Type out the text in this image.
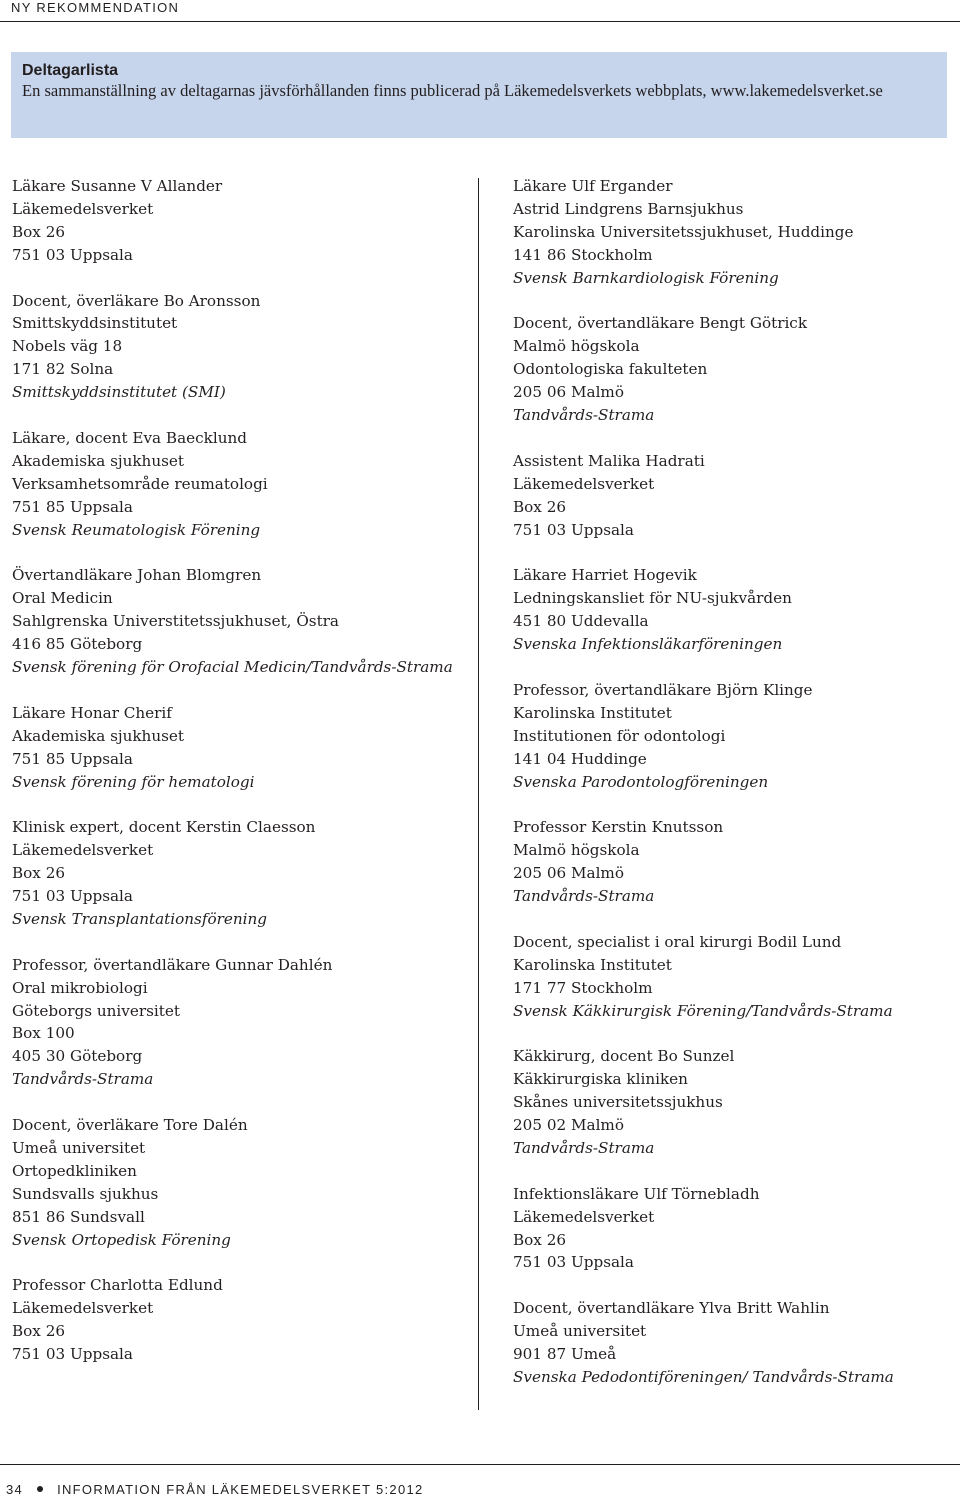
NY REKOMMENDATION
Deltagarlista
En sammanställning av deltagarnas jävsförhållanden finns publicerad på Läkemedelsverkets webbplats, www.lakemedelsverket.se
Läkare Susanne V Allander
Läkemedelsverket
Box 26
751 03 Uppsala
Docent, överläkare Bo Aronsson
Smittskyddsinstitutet
Nobels väg 18
171 82 Solna
Smittskyddsinstitutet (SMI)
Läkare, docent Eva Baecklund
Akademiska sjukhuset
Verksamhetsområde reumatologi
751 85 Uppsala
Svensk Reumatologisk Förening
Övertandläkare Johan Blomgren
Oral Medicin
Sahlgrenska Universtitetssjukhuset, Östra
416 85 Göteborg
Svensk förening för Orofacial Medicin/Tandvårds-Strama
Läkare Honar Cherif
Akademiska sjukhuset
751 85 Uppsala
Svensk förening för hematologi
Klinisk expert, docent Kerstin Claesson
Läkemedelsverket
Box 26
751 03 Uppsala
Svensk Transplantationsförening
Professor, övertandläkare Gunnar Dahlén
Oral mikrobiologi
Göteborgs universitet
Box 100
405 30 Göteborg
Tandvårds-Strama
Docent, överläkare Tore Dalén
Umeå universitet
Ortopedkliniken
Sundsvalls sjukhus
851 86 Sundsvall
Svensk Ortopedisk Förening
Professor Charlotta Edlund
Läkemedelsverket
Box 26
751 03 Uppsala
Läkare Ulf Ergander
Astrid Lindgrens Barnsjukhus
Karolinska Universitetssjukhuset, Huddinge
141 86 Stockholm
Svensk Barnkardiologisk Förening
Docent, övertandläkare Bengt Götrick
Malmö högskola
Odontologiska fakulteten
205 06 Malmö
Tandvårds-Strama
Assistent Malika Hadrati
Läkemedelsverket
Box 26
751 03 Uppsala
Läkare Harriet Hogevik
Ledningskansliet för NU-sjukvården
451 80 Uddevalla
Svenska Infektionsläkarföreningen
Professor, övertandläkare Björn Klinge
Karolinska Institutet
Institutionen för odontologi
141 04 Huddinge
Svenska Parodontologföreningen
Professor Kerstin Knutsson
Malmö högskola
205 06 Malmö
Tandvårds-Strama
Docent, specialist i oral kirurgi Bodil Lund
Karolinska Institutet
171 77 Stockholm
Svensk Käkkirurgisk Förening/Tandvårds-Strama
Käkkirurg, docent Bo Sunzel
Käkkirurgiska kliniken
Skånes universitetssjukhus
205 02 Malmö
Tandvårds-Strama
Infektionsläkare Ulf Törnebladh
Läkemedelsverket
Box 26
751 03 Uppsala
Docent, övertandläkare Ylva Britt Wahlin
Umeå universitet
901 87 Umeå
Svenska Pedodontiföreningen/ Tandvårds-Strama
34	INFORMATION FRÅN LÄKEMEDELSVERKET 5:2012
